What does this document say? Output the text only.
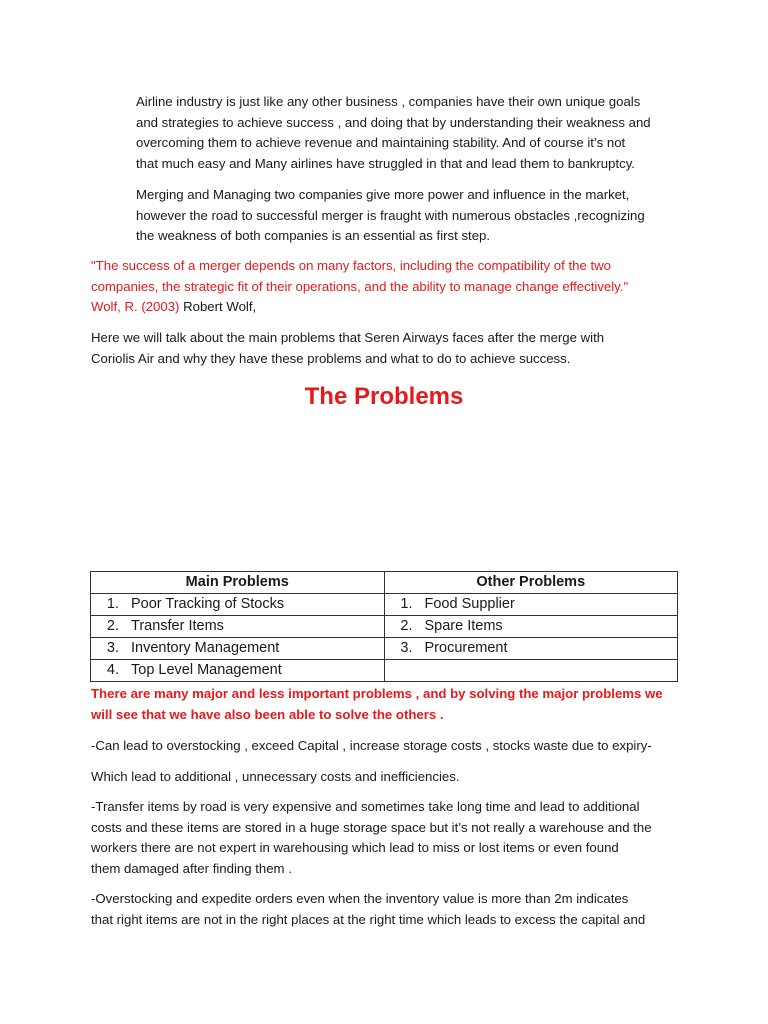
Airline industry is just like any other business , companies have their own unique goals
and strategies to achieve success , and doing that by understanding their weakness and
overcoming them to achieve revenue and maintaining stability. And of course it’s not
that much easy and Many airlines have struggled in that and lead them to bankruptcy.

Merging and Managing two companies give more power and influence in the market,
however the road to successful merger is fraught with numerous obstacles ,recognizing
the weakness of both companies is an essential as first step.

"The success of a merger depends on many factors, including the compatibility of the two
companies, the strategic fit of their operations, and the ability to manage change effectively."
Wolf, R. (2003) Robert Wolf,

Here we will talk about the main problems that Seren Airways faces after the merge with
Coriolis Air and why they have these problems and what to do to achieve success.

The Problems
Main Problems	Other Problems
1. Poor Tracking of Stocks	1. Food Supplier
2. Transfer Items	2. Spare Items
3. Inventory Management	3. Procurement
4. Top Level Management	

There are many major and less important problems , and by solving the major problems we
will see that we have also been able to solve the others .

-Can lead to overstocking , exceed Capital , increase storage costs , stocks waste due to expiry-

Which lead to additional , unnecessary costs and inefficiencies.

-Transfer items by road is very expensive and sometimes take long time and lead to additional
costs and these items are stored in a huge storage space but it’s not really a warehouse and the
workers there are not expert in warehousing which lead to miss or lost items or even found
them damaged after finding them .

-Overstocking and expedite orders even when the inventory value is more than 2m indicates
that right items are not in the right places at the right time which leads to excess the capital and
